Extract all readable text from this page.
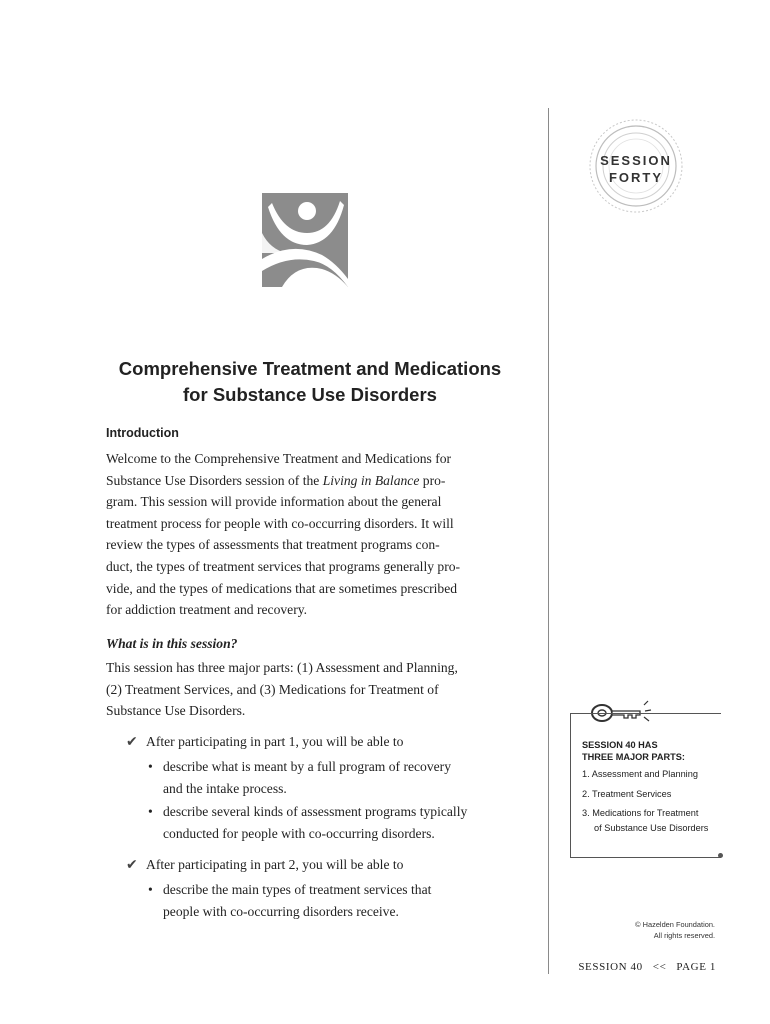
SESSION
FORTY
Comprehensive Treatment and Medications
for Substance Use Disorders
Introduction
Welcome to the Comprehensive Treatment and Medications for
Substance Use Disorders session of the Living in Balance pro-
gram. This session will provide information about the general
treatment process for people with co-occurring disorders. It will
review the types of assessments that treatment programs con-
duct, the types of treatment services that programs generally pro-
vide, and the types of medications that are sometimes prescribed
for addiction treatment and recovery.
What is in this session?
This session has three major parts: (1) Assessment and Planning,
(2) Treatment Services, and (3) Medications for Treatment of
Substance Use Disorders.
✔ After participating in part 1, you will be able to
• describe what is meant by a full program of recovery
and the intake process.
• describe several kinds of assessment programs typically
conducted for people with co-occurring disorders.
✔ After participating in part 2, you will be able to
• describe the main types of treatment services that
people with co-occurring disorders receive.
SESSION 40 HAS
THREE MAJOR PARTS:
1. Assessment and Planning
2. Treatment Services
3. Medications for Treatment
of Substance Use Disorders
© Hazelden Foundation.
All rights reserved.
SESSION 40   <<   PAGE 1
